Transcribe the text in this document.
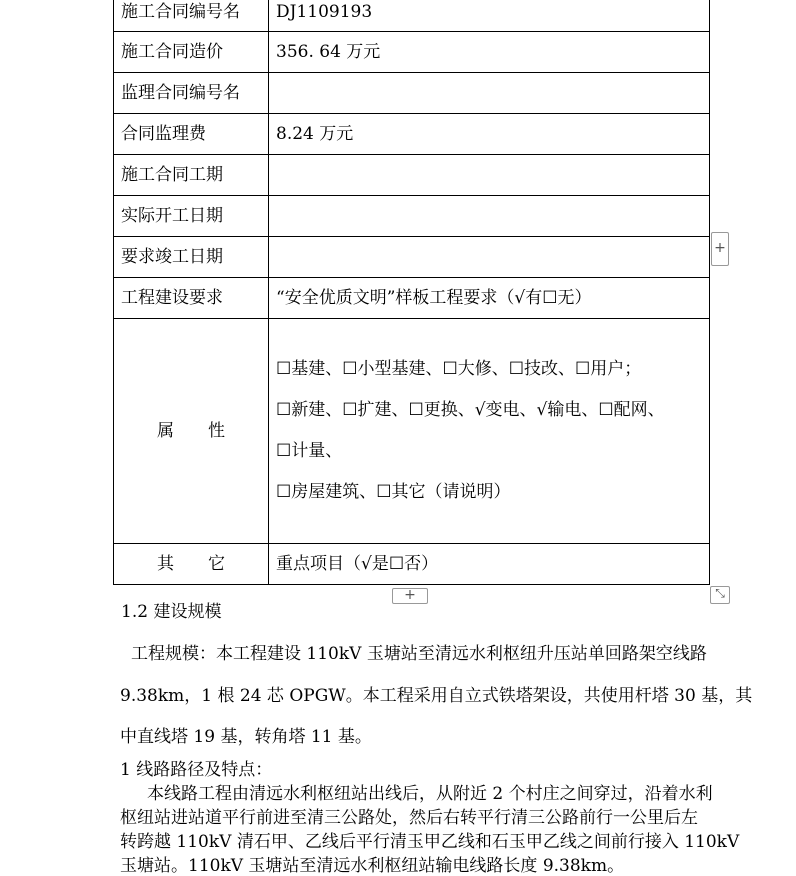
施工合同编号名	DJ1109193
施工合同造价	356. 64 万元
监理合同编号名	
合同监理费	8.24 万元
施工合同工期	
实际开工日期	
要求竣工日期	
工程建设要求	“安全优质文明”样板工程要求（√有☐无）
属　　性	☐基建、☐小型基建、☐大修、☐技改、☐用户；
☐新建、☐扩建、☐更换、√变电、√输电、☐配网、
☐计量、
☐房屋建筑、☐其它（请说明）

其　　它	重点项目（√是☐否）
+
+	⤡
1.2 建设规模
工程规模：本工程建设 110kV 玉塘站至清远水利枢纽升压站单回路架空线路
9.38km，1 根 24 芯 OPGW。本工程采用自立式铁塔架设，共使用杆塔 30 基，其
中直线塔 19 基，转角塔 11 基。
1 线路路径及特点：
本线路工程由清远水利枢纽站出线后，从附近 2 个村庄之间穿过，沿着水利
枢纽站进站道平行前进至清三公路处，然后右转平行清三公路前行一公里后左
转跨越 110kV 清石甲、乙线后平行清玉甲乙线和石玉甲乙线之间前行接入 110kV
玉塘站。110kV 玉塘站至清远水利枢纽站输电线路长度 9.38km。
